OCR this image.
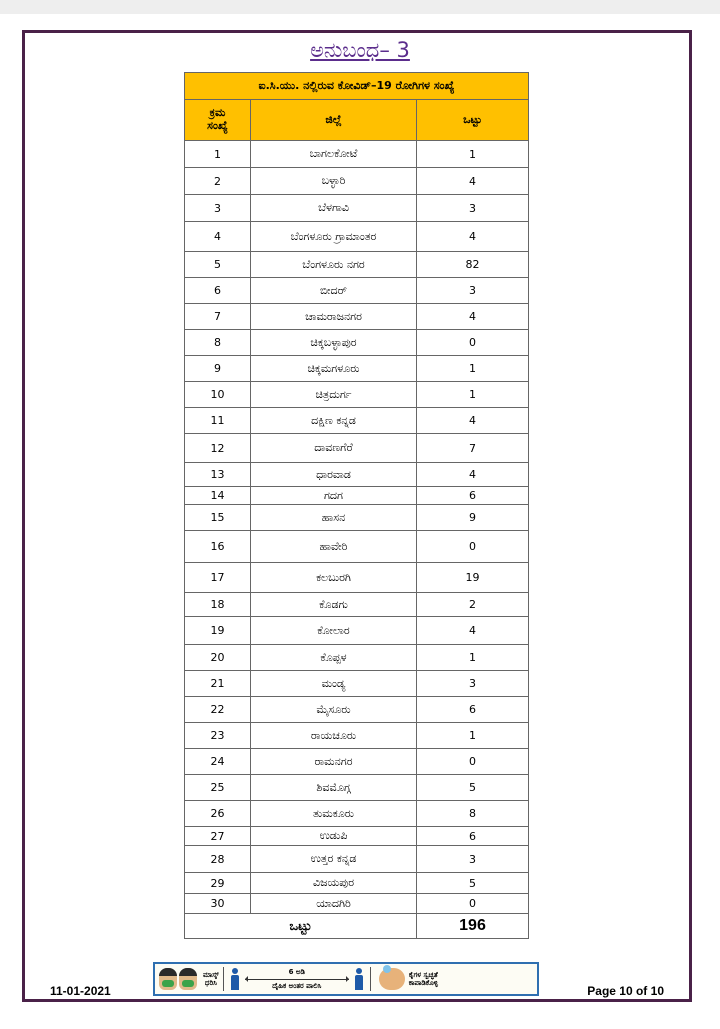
ಅನುಬಂಧ– 3
ಐ.ಸಿ.ಯು. ನಲ್ಲಿರುವ ಕೋವಿಡ್–19 ರೋಗಿಗಳ ಸಂಖ್ಯೆ		
ಕ್ರಮ
ಸಂಖ್ಯೆ	ಜಿಲ್ಲೆ	ಒಟ್ಟು
1	ಬಾಗಲಕೋಟೆ	1
2	ಬಳ್ಳಾರಿ	4
3	ಬೆಳಗಾವಿ	3
4	ಬೆಂಗಳೂರು ಗ್ರಾಮಾಂತರ	4
5	ಬೆಂಗಳೂರು ನಗರ	82
6	ಬೀದರ್	3
7	ಚಾಮರಾಜನಗರ	4
8	ಚಿಕ್ಕಬಳ್ಳಾಪುರ	0
9	ಚಿಕ್ಕಮಗಳೂರು	1
10	ಚಿತ್ರದುರ್ಗ	1
11	ದಕ್ಷಿಣ ಕನ್ನಡ	4
12	ದಾವಣಗೆರೆ	7
13	ಧಾರವಾಡ	4
14	ಗದಗ	6
15	ಹಾಸನ	9
16	ಹಾವೇರಿ	0
17	ಕಲಬುರಗಿ	19
18	ಕೊಡಗು	2
19	ಕೋಲಾರ	4
20	ಕೊಪ್ಪಳ	1
21	ಮಂಡ್ಯ	3
22	ಮೈಸೂರು	6
23	ರಾಯಚೂರು	1
24	ರಾಮನಗರ	0
25	ಶಿವಮೊಗ್ಗ	5
26	ತುಮಕೂರು	8
27	ಉಡುಪಿ	6
28	ಉತ್ತರ ಕನ್ನಡ	3
29	ವಿಜಯಪುರ	5
30	ಯಾದಗಿರಿ	0
ಒಟ್ಟು		196
ಮಾಸ್ಕ್
ಧರಿಸಿ
6 ಅಡಿ
ದೈಹಿಕ ಅಂತರ ಪಾಲಿಸಿ
ಕೈಗಳ ಸ್ವಚ್ಛತೆ
ಕಾಪಾಡಿಕೊಳ್ಳಿ
11-01-2021	Page 10 of 10
